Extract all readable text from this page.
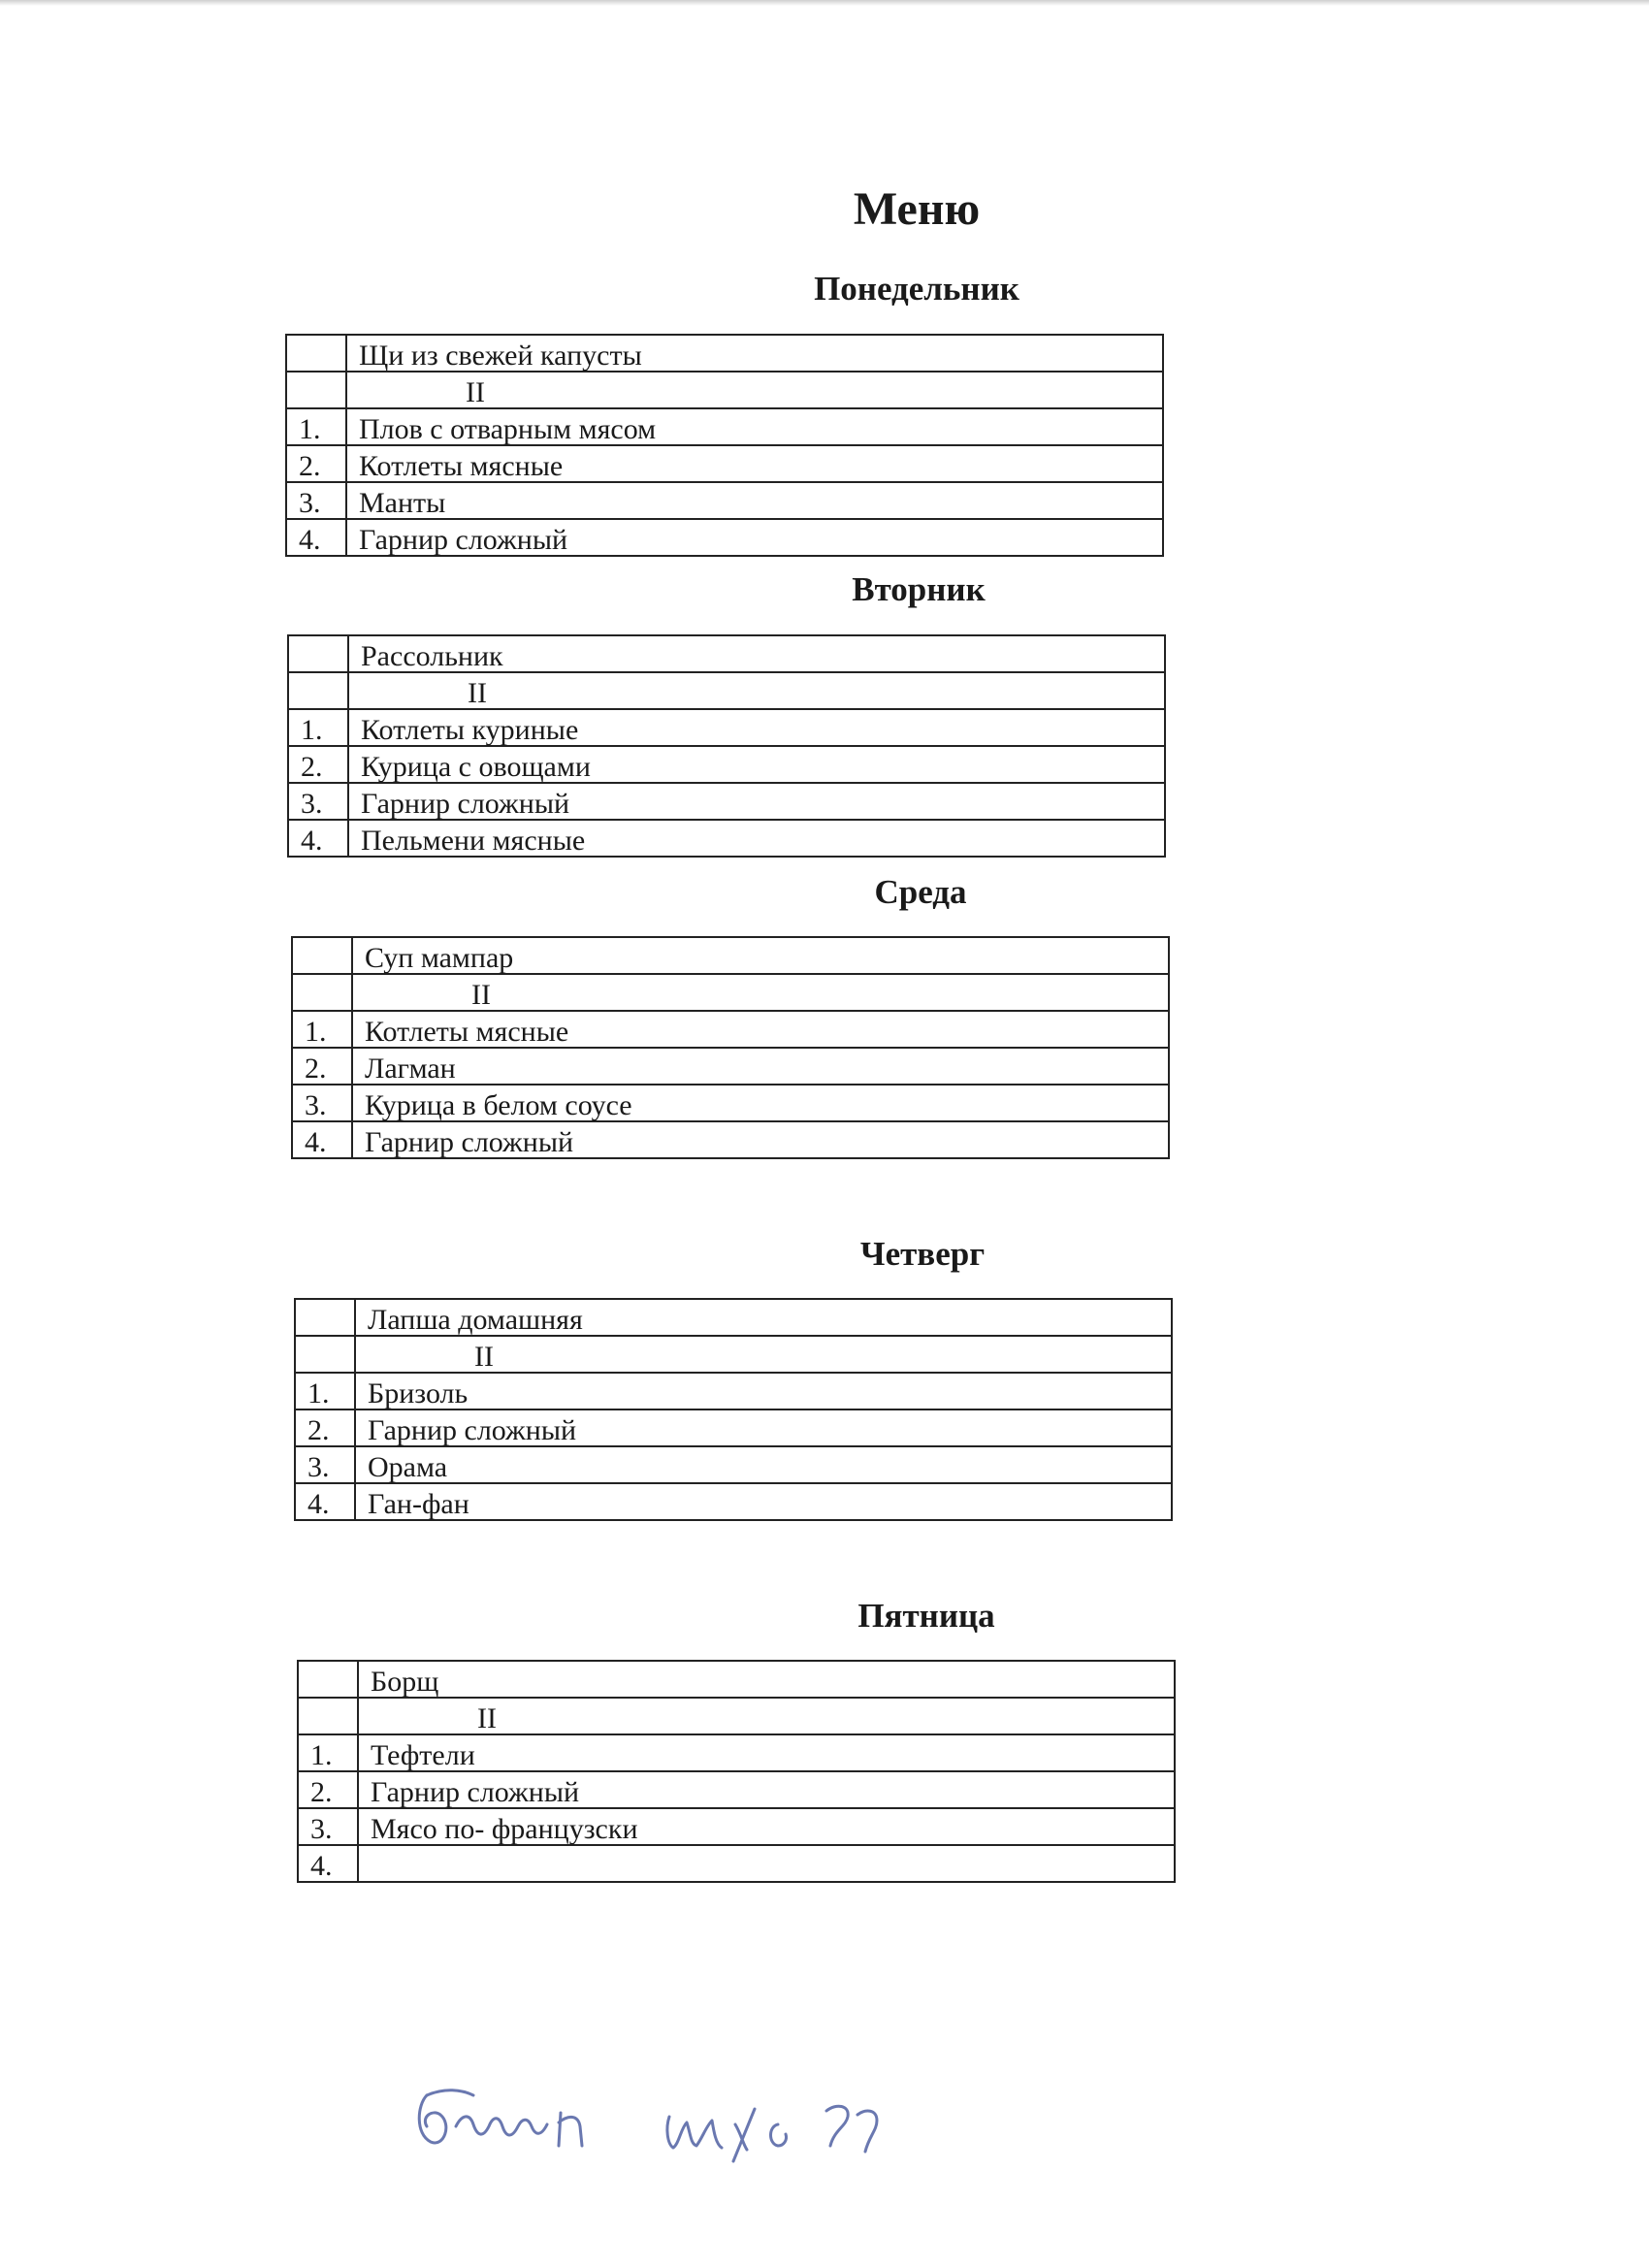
Меню
Понедельник
	Щи из свежей капусты
	II
1.	Плов с отварным мясом
2.	Котлеты мясные
3.	Манты
4.	Гарнир сложный
Вторник
	Рассольник
	II
1.	Котлеты куриные
2.	Курица с овощами
3.	Гарнир сложный
4.	Пельмени мясные
Среда
	Суп мампар
	II
1.	Котлеты мясные
2.	Лагман
3.	Курица в белом соусе
4.	Гарнир сложный
Четверг
	Лапша домашняя
	II
1.	Бризоль
2.	Гарнир сложный
3.	Орама
4.	Ган-фан
Пятница
	Борщ
	II
1.	Тефтели
2.	Гарнир сложный
3.	Мясо по- французски
4.	
